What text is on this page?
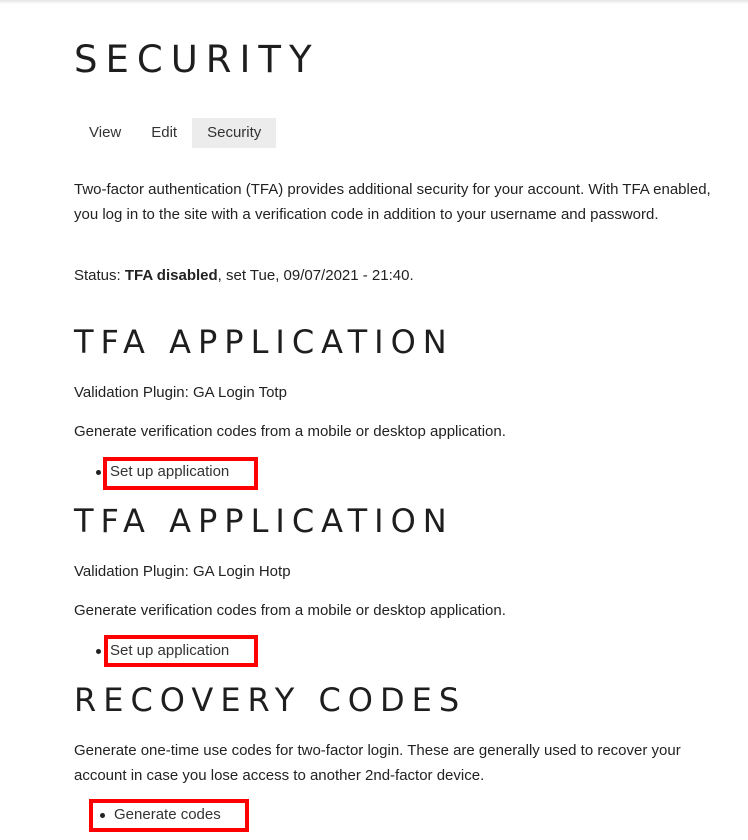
SECURITY
View	Edit	Security

Two-factor authentication (TFA) provides additional security for your account. With TFA enabled, you log in to the site with a verification code in addition to your username and password.

Status: TFA disabled, set Tue, 09/07/2021 - 21:40.

TFA APPLICATION

Validation Plugin: GA Login Totp

Generate verification codes from a mobile or desktop application.

Set up application
TFA APPLICATION

Validation Plugin: GA Login Hotp

Generate verification codes from a mobile or desktop application.

Set up application
RECOVERY CODES

Generate one-time use codes for two-factor login. These are generally used to recover your account in case you lose access to another 2nd-factor device.

Generate codes
